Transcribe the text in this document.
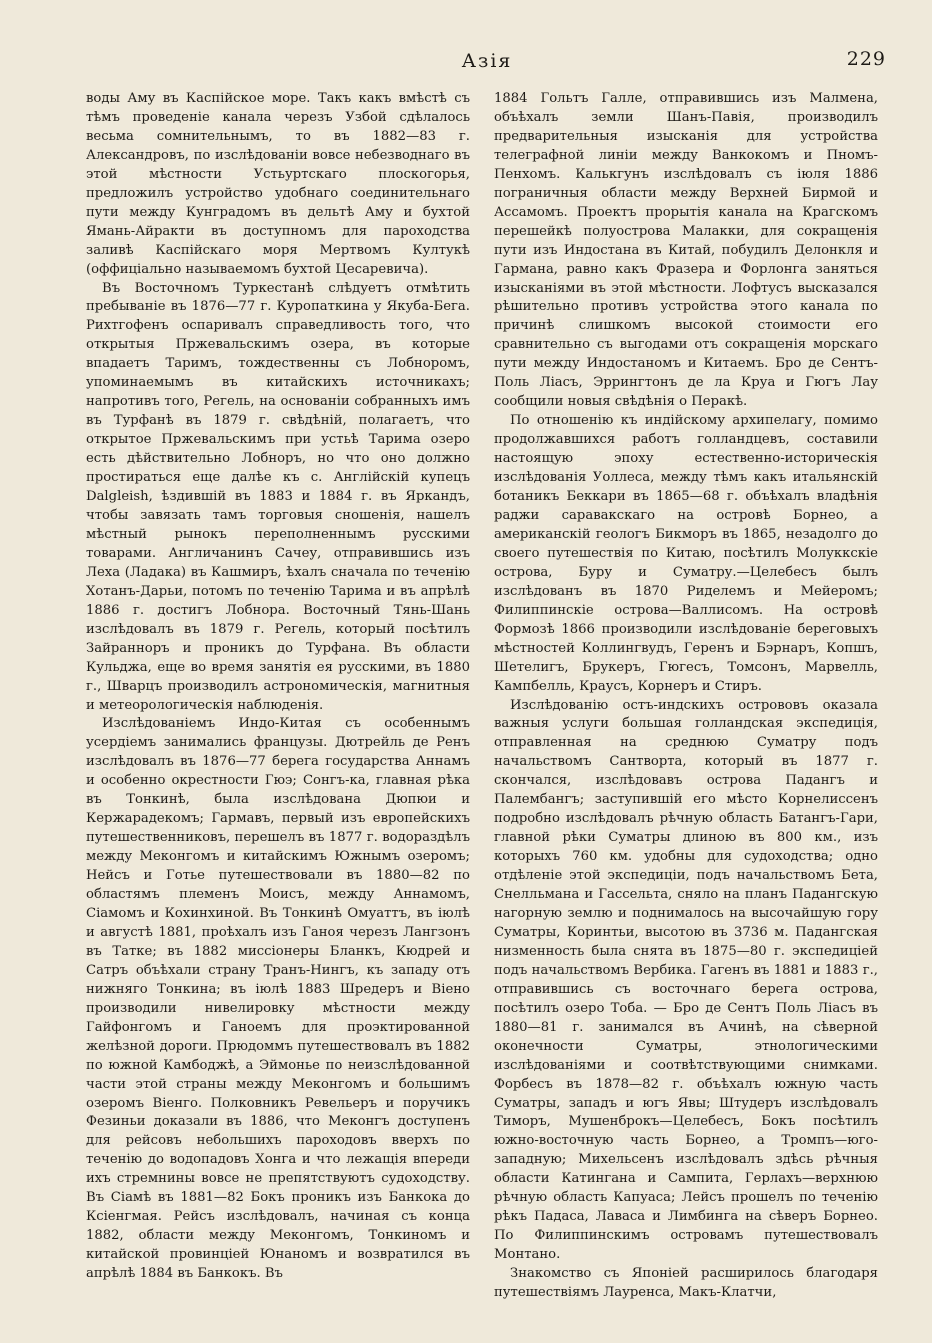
Азія	229

воды Аму въ Каспійское море. Такъ какъ вмѣстѣ съ тѣмъ проведеніе канала черезъ Узбой сдѣлалось весьма сомнительнымъ, то въ 1882—83 г. Александровъ, по изслѣдованіи вовсе небезводнаго въ этой мѣстности Устьуртскаго плоскогорья, предложилъ устройство удобнаго соединительнаго пути между Кунградомъ въ дельтѣ Аму и бухтой Ямань-Айракти въ доступномъ для пароходства заливѣ Каспійскаго моря Мертвомъ Култукѣ (оффиціально называемомъ бухтой Цесаревича).

Въ Восточномъ Туркестанѣ слѣдуетъ отмѣтить пребываніе въ 1876—77 г. Куропаткина у Якуба-Бега. Рихтгофенъ оспаривалъ справедливость того, что открытыя Пржевальскимъ озера, въ которые впадаетъ Таримъ, тождественны съ Лобноромъ, упоминаемымъ въ китайскихъ источникахъ; напротивъ того, Регель, на основаніи собранныхъ имъ въ Турфанѣ въ 1879 г. свѣдѣній, полагаетъ, что открытое Пржевальскимъ при устьѣ Тарима озеро есть дѣйствительно Лобноръ, но что оно должно простираться еще далѣе къ с. Англійскій купецъ Dalgleish, ѣздившій въ 1883 и 1884 г. въ Яркандъ, чтобы завязать тамъ торговыя сношенія, нашелъ мѣстный рынокъ переполненнымъ русскими товарами. Англичанинъ Сачеу, отправившись изъ Леха (Ладака) въ Кашмиръ, ѣхалъ сначала по теченію Хотанъ-Дарьи, потомъ по теченію Тарима и въ апрѣлѣ 1886 г. достигъ Лобнора. Восточный Тянь-Шань изслѣдовалъ въ 1879 г. Регель, который посѣтилъ Зайранноръ и проникъ до Турфана. Въ области Кульджа, еще во время занятія ея русскими, въ 1880 г., Шварцъ производилъ астрономическія, магнитныя и метеорологическія наблюденія.

Изслѣдованіемъ Индо-Китая съ особеннымъ усердіемъ занимались французы. Дютрейль де Ренъ изслѣдовалъ въ 1876—77 берега государства Аннамъ и особенно окрестности Гюэ; Сонгъ-ка, главная рѣка въ Тонкинѣ, была изслѣдована Дюпюи и Кержарадекомъ; Гармавъ, первый изъ европейскихъ путешественниковъ, перешелъ въ 1877 г. водораздѣлъ между Меконгомъ и китайскимъ Южнымъ озеромъ; Нейсъ и Готье путешествовали въ 1880—82 по областямъ племенъ Моисъ, между Аннамомъ, Сіамомъ и Кохинхиной. Въ Тонкинѣ Омуаттъ, въ іюлѣ и августѣ 1881, проѣхалъ изъ Ганоя черезъ Лангзонъ въ Татке; въ 1882 миссіонеры Бланкъ, Кюдрей и Сатръ объѣхали страну Транъ-Нингъ, къ западу отъ нижняго Тонкина; въ іюлѣ 1883 Шредеръ и Віено производили нивелировку мѣстности между Гайфонгомъ и Ганоемъ для проэктированной желѣзной дороги. Прюдоммъ путешествовалъ въ 1882 по южной Камбоджѣ, а Эймонье по неизслѣдованной части этой страны между Меконгомъ и большимъ озеромъ Віенго. Полковникъ Ревельеръ и поручикъ Фезиньи доказали въ 1886, что Меконгъ доступенъ для рейсовъ небольшихъ пароходовъ вверхъ по теченію до водопадовъ Хонга и что лежащія впереди ихъ стремнины вовсе не препятствуютъ судоходству. Въ Сіамѣ въ 1881—82 Бокъ проникъ изъ Банкока до Ксіенгмая. Рейсъ изслѣдовалъ, начиная съ конца 1882, области между Меконгомъ, Тонкиномъ и китайской провинціей Юнаномъ и возвратился въ апрѣлѣ 1884 въ Банкокъ. Въ

1884 Гольтъ Галле, отправившись изъ Малмена, объѣхалъ земли Шанъ-Павія, производилъ предварительныя изысканія для устройства телеграфной линіи между Ванкокомъ и Пномъ-Пенхомъ. Калькгунъ изслѣдовалъ съ іюля 1886 пограничныя области между Верхней Бирмой и Ассамомъ. Проектъ прорытія канала на Крагскомъ перешейкѣ полуострова Малакки, для сокращенія пути изъ Индостана въ Китай, побудилъ Делонкля и Гармана, равно какъ Фразера и Форлонга заняться изысканіями въ этой мѣстности. Лофтусъ высказался рѣшительно противъ устройства этого канала по причинѣ слишкомъ высокой стоимости его сравнительно съ выгодами отъ сокращенія морскаго пути между Индостаномъ и Китаемъ. Бро де Сентъ-Поль Ліасъ, Эррингтонъ де ла Круа и Гюгъ Лау сообщили новыя свѣдѣнія о Перакѣ.

По отношенію къ индійскому архипелагу, помимо продолжавшихся работъ голландцевъ, составили настоящую эпоху естественно-историческія изслѣдованія Уоллеса, между тѣмъ какъ итальянскій ботаникъ Беккари въ 1865—68 г. объѣхалъ владѣнія раджи саравакскаго на островѣ Борнео, а американскій геологъ Бикморъ въ 1865, незадолго до своего путешествія по Китаю, посѣтилъ Молуккскіе острова, Буру и Суматру.—Целебесъ былъ изслѣдованъ въ 1870 Риделемъ и Мейеромъ; Филиппинскіе острова—Валлисомъ. На островѣ Формозѣ 1866 производили изслѣдованіе береговыхъ мѣстностей Коллингвудъ, Геренъ и Бэрнаръ, Копшъ, Шетелигъ, Брукеръ, Гюгесъ, Томсонъ, Марвелль, Кампбелль, Краусъ, Корнеръ и Стиръ.

Изслѣдованію остъ-индскихъ острововъ оказала важныя услуги большая голландская экспедиція, отправленная на среднюю Суматру подъ начальствомъ Сантворта, который въ 1877 г. скончался, изслѣдовавъ острова Падангъ и Палембангъ; заступившій его мѣсто Корнелиссенъ подробно изслѣдовалъ рѣчную область Батангъ-Гари, главной рѣки Суматры длиною въ 800 км., изъ которыхъ 760 км. удобны для судоходства; одно отдѣленіе этой экспедиціи, подъ начальствомъ Бета, Снелльмана и Гассельта, сняло на планъ Падангскую нагорную землю и поднималось на высочайшую гору Суматры, Коринтьи, высотою въ 3736 м. Падангская низменность была снята въ 1875—80 г. экспедиціей подъ начальствомъ Вербика. Гагенъ въ 1881 и 1883 г., отправившись съ восточнаго берега острова, посѣтилъ озеро Тоба. — Бро де Сентъ Поль Ліасъ въ 1880—81 г. занимался въ Ачинѣ, на сѣверной оконечности Суматры, этнологическими изслѣдованіями и соотвѣтствующими снимками. Форбесъ въ 1878—82 г. объѣхалъ южную часть Суматры, западъ и югъ Явы; Штудеръ изслѣдовалъ Тиморъ, Мушенброкъ—Целебесъ, Бокъ посѣтилъ южно-восточную часть Борнео, а Тромпъ—юго-западную; Михельсенъ изслѣдовалъ здѣсь рѣчныя области Катингана и Сампита, Герлахъ—верхнюю рѣчную область Капуаса; Лейсъ прошелъ по теченію рѣкъ Падаса, Лаваса и Лимбинга на сѣверъ Борнео. По Филиппинскимъ островамъ путешествовалъ Монтано.

Знакомство съ Японіей расширилось благодаря путешествіямъ Лауренса, Макъ-Клатчи,
